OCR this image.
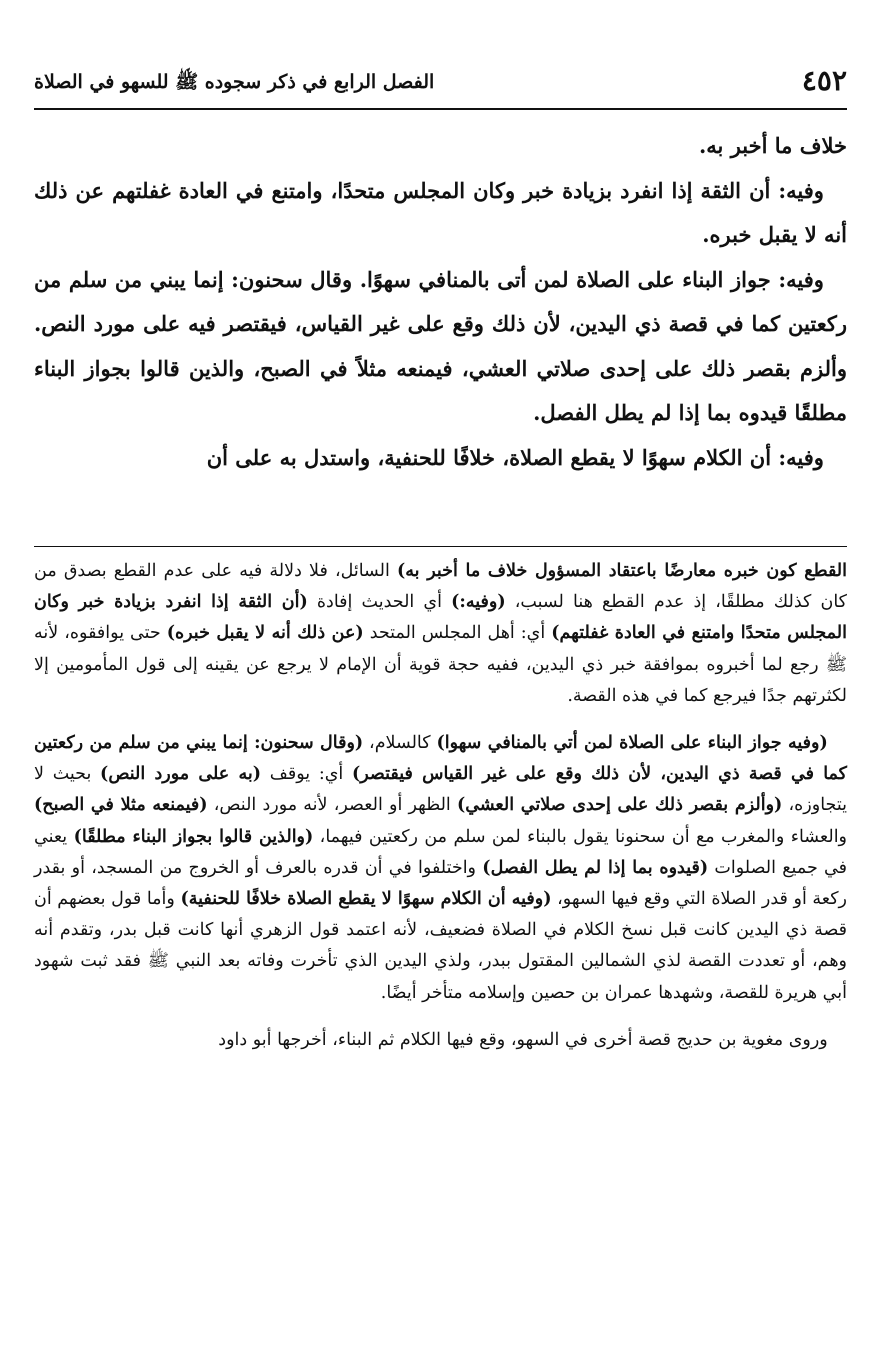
٤٥٢
الفصل الرابع في ذكر سجوده ﷺ للسهو في الصلاة

خلاف ما أخبر به.

وفيه: أن الثقة إذا انفرد بزيادة خبر وكان المجلس متحدًا، وامتنع في العادة غفلتهم عن ذلك أنه لا يقبل خبره.

وفيه: جواز البناء على الصلاة لمن أتى بالمنافي سهوًا. وقال سحنون: إنما يبني من سلم من ركعتين كما في قصة ذي اليدين، لأن ذلك وقع على غير القياس، فيقتصر فيه على مورد النص. وألزم بقصر ذلك على إحدى صلاتي العشي، فيمنعه مثلاً في الصبح، والذين قالوا بجواز البناء مطلقًا قيدوه بما إذا لم يطل الفصل.

وفيه: أن الكلام سهوًا لا يقطع الصلاة، خلافًا للحنفية، واستدل به على أن

القطع كون خبره معارضًا باعتقاد المسؤول خلاف ما أخبر به) السائل، فلا دلالة فيه على عدم القطع بصدق من كان كذلك مطلقًا، إذ عدم القطع هنا لسبب، (وفيه:) أي الحديث إفادة (أن الثقة إذا انفرد بزيادة خبر وكان المجلس متحدًا وامتنع في العادة غفلتهم) أي: أهل المجلس المتحد (عن ذلك أنه لا يقبل خبره) حتى يوافقوه، لأنه ﷺ رجع لما أخبروه بموافقة خبر ذي اليدين، ففيه حجة قوية أن الإمام لا يرجع عن يقينه إلى قول المأمومين إلا لكثرتهم جدًا فيرجع كما في هذه القصة.

(وفيه جواز البناء على الصلاة لمن أتي بالمنافي سهوا) كالسلام، (وقال سحنون: إنما يبني من سلم من ركعتين كما في قصة ذي اليدين، لأن ذلك وقع على غير القياس فيقتصر) أي: يوقف (به على مورد النص) بحيث لا يتجاوزه، (وألزم بقصر ذلك على إحدى صلاتي العشي) الظهر أو العصر، لأنه مورد النص، (فيمنعه مثلا في الصبح) والعشاء والمغرب مع أن سحنونا يقول بالبناء لمن سلم من ركعتين فيهما، (والذين قالوا بجواز البناء مطلقًا) يعني في جميع الصلوات (قيدوه بما إذا لم يطل الفصل) واختلفوا في أن قدره بالعرف أو الخروج من المسجد، أو بقدر ركعة أو قدر الصلاة التي وقع فيها السهو، (وفيه أن الكلام سهوًا لا يقطع الصلاة خلافًا للحنفية) وأما قول بعضهم أن قصة ذي اليدين كانت قبل نسخ الكلام في الصلاة فضعيف، لأنه اعتمد قول الزهري أنها كانت قبل بدر، وتقدم أنه وهم، أو تعددت القصة لذي الشمالين المقتول ببدر، ولذي اليدين الذي تأخرت وفاته بعد النبي ﷺ فقد ثبت شهود أبي هريرة للقصة، وشهدها عمران بن حصين وإسلامه متأخر أيضًا.

وروى مغوية بن حديج قصة أخرى في السهو، وقع فيها الكلام ثم البناء، أخرجها أبو داود
